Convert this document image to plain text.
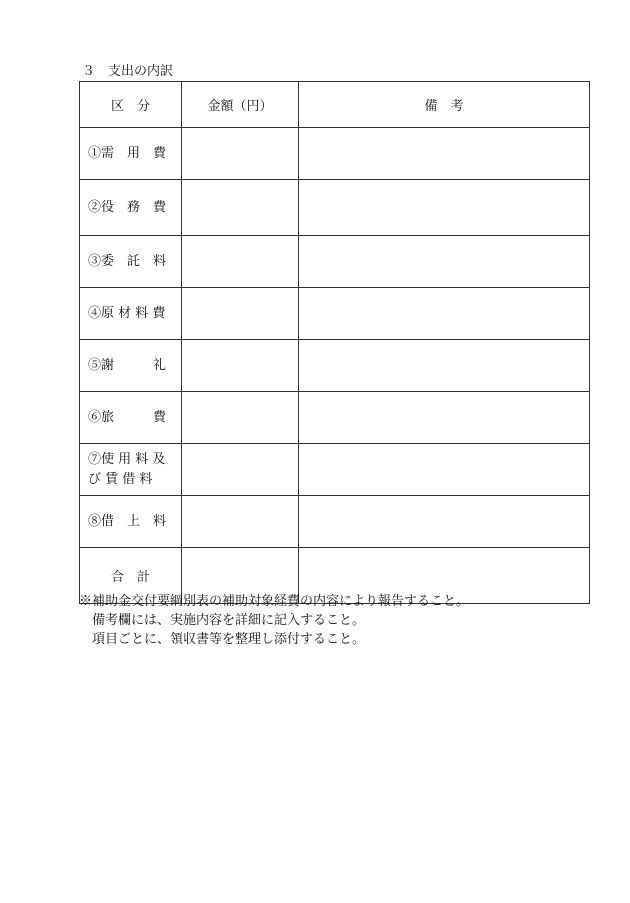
３　支出の内訳
区　分	金額（円）	備　考

①需　用　費		

②役　務　費		

③委　託　料		

④原 材 料 費		

⑤謝　　　礼		

⑥旅　　　費		

⑦使 用 料 及
び 賃 借 料		

⑧借　上　料		

合　計		
※補助金交付要綱別表の補助対象経費の内容により報告すること。
　備考欄には、実施内容を詳細に記入すること。
　項目ごとに、領収書等を整理し添付すること。
